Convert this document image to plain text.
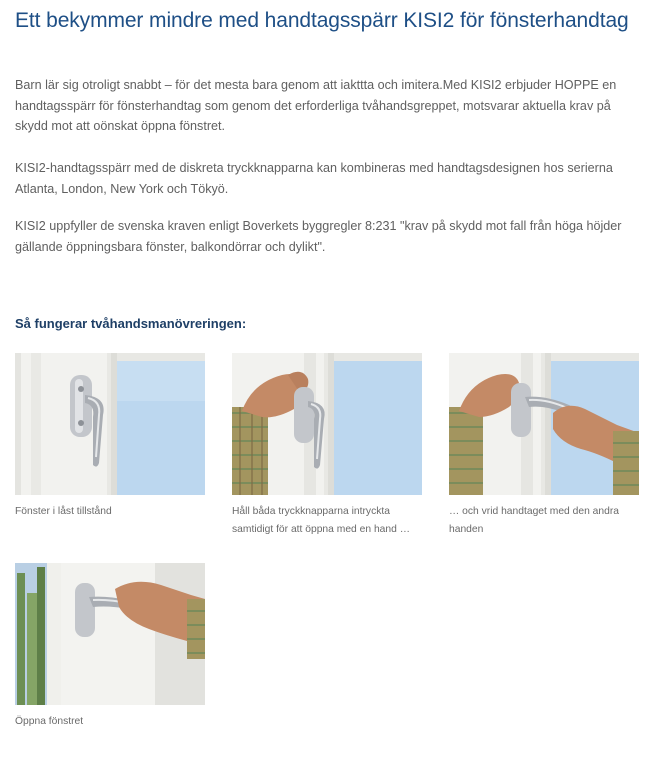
Ett bekymmer mindre med handtagsspärr KISI2 för fönsterhandtag

Barn lär sig otroligt snabbt – för det mesta bara genom att iakttta och imitera.Med KISI2 erbjuder HOPPE en handtagsspärr för fönsterhandtag som genom det erforderliga tvåhandsgreppet, motsvarar aktuella krav på skydd mot att oönskat öppna fönstret.

KISI2-handtagsspärr med de diskreta tryckknapparna kan kombineras med handtagsdesignen hos serierna Atlanta, London, New York och Tökyö.

KISI2 uppfyller de svenska kraven enligt Boverkets byggregler 8:231 "krav på skydd mot fall från höga höjder gällande öppningsbara fönster, balkondörrar och dylikt".

Så fungerar tvåhandsmanövreringen:
Fönster i låst tillstånd	Håll båda tryckknapparna intryckta samtidigt för att öppna med en hand …
… och vrid handtaget med den andra handen
Öppna fönstret
